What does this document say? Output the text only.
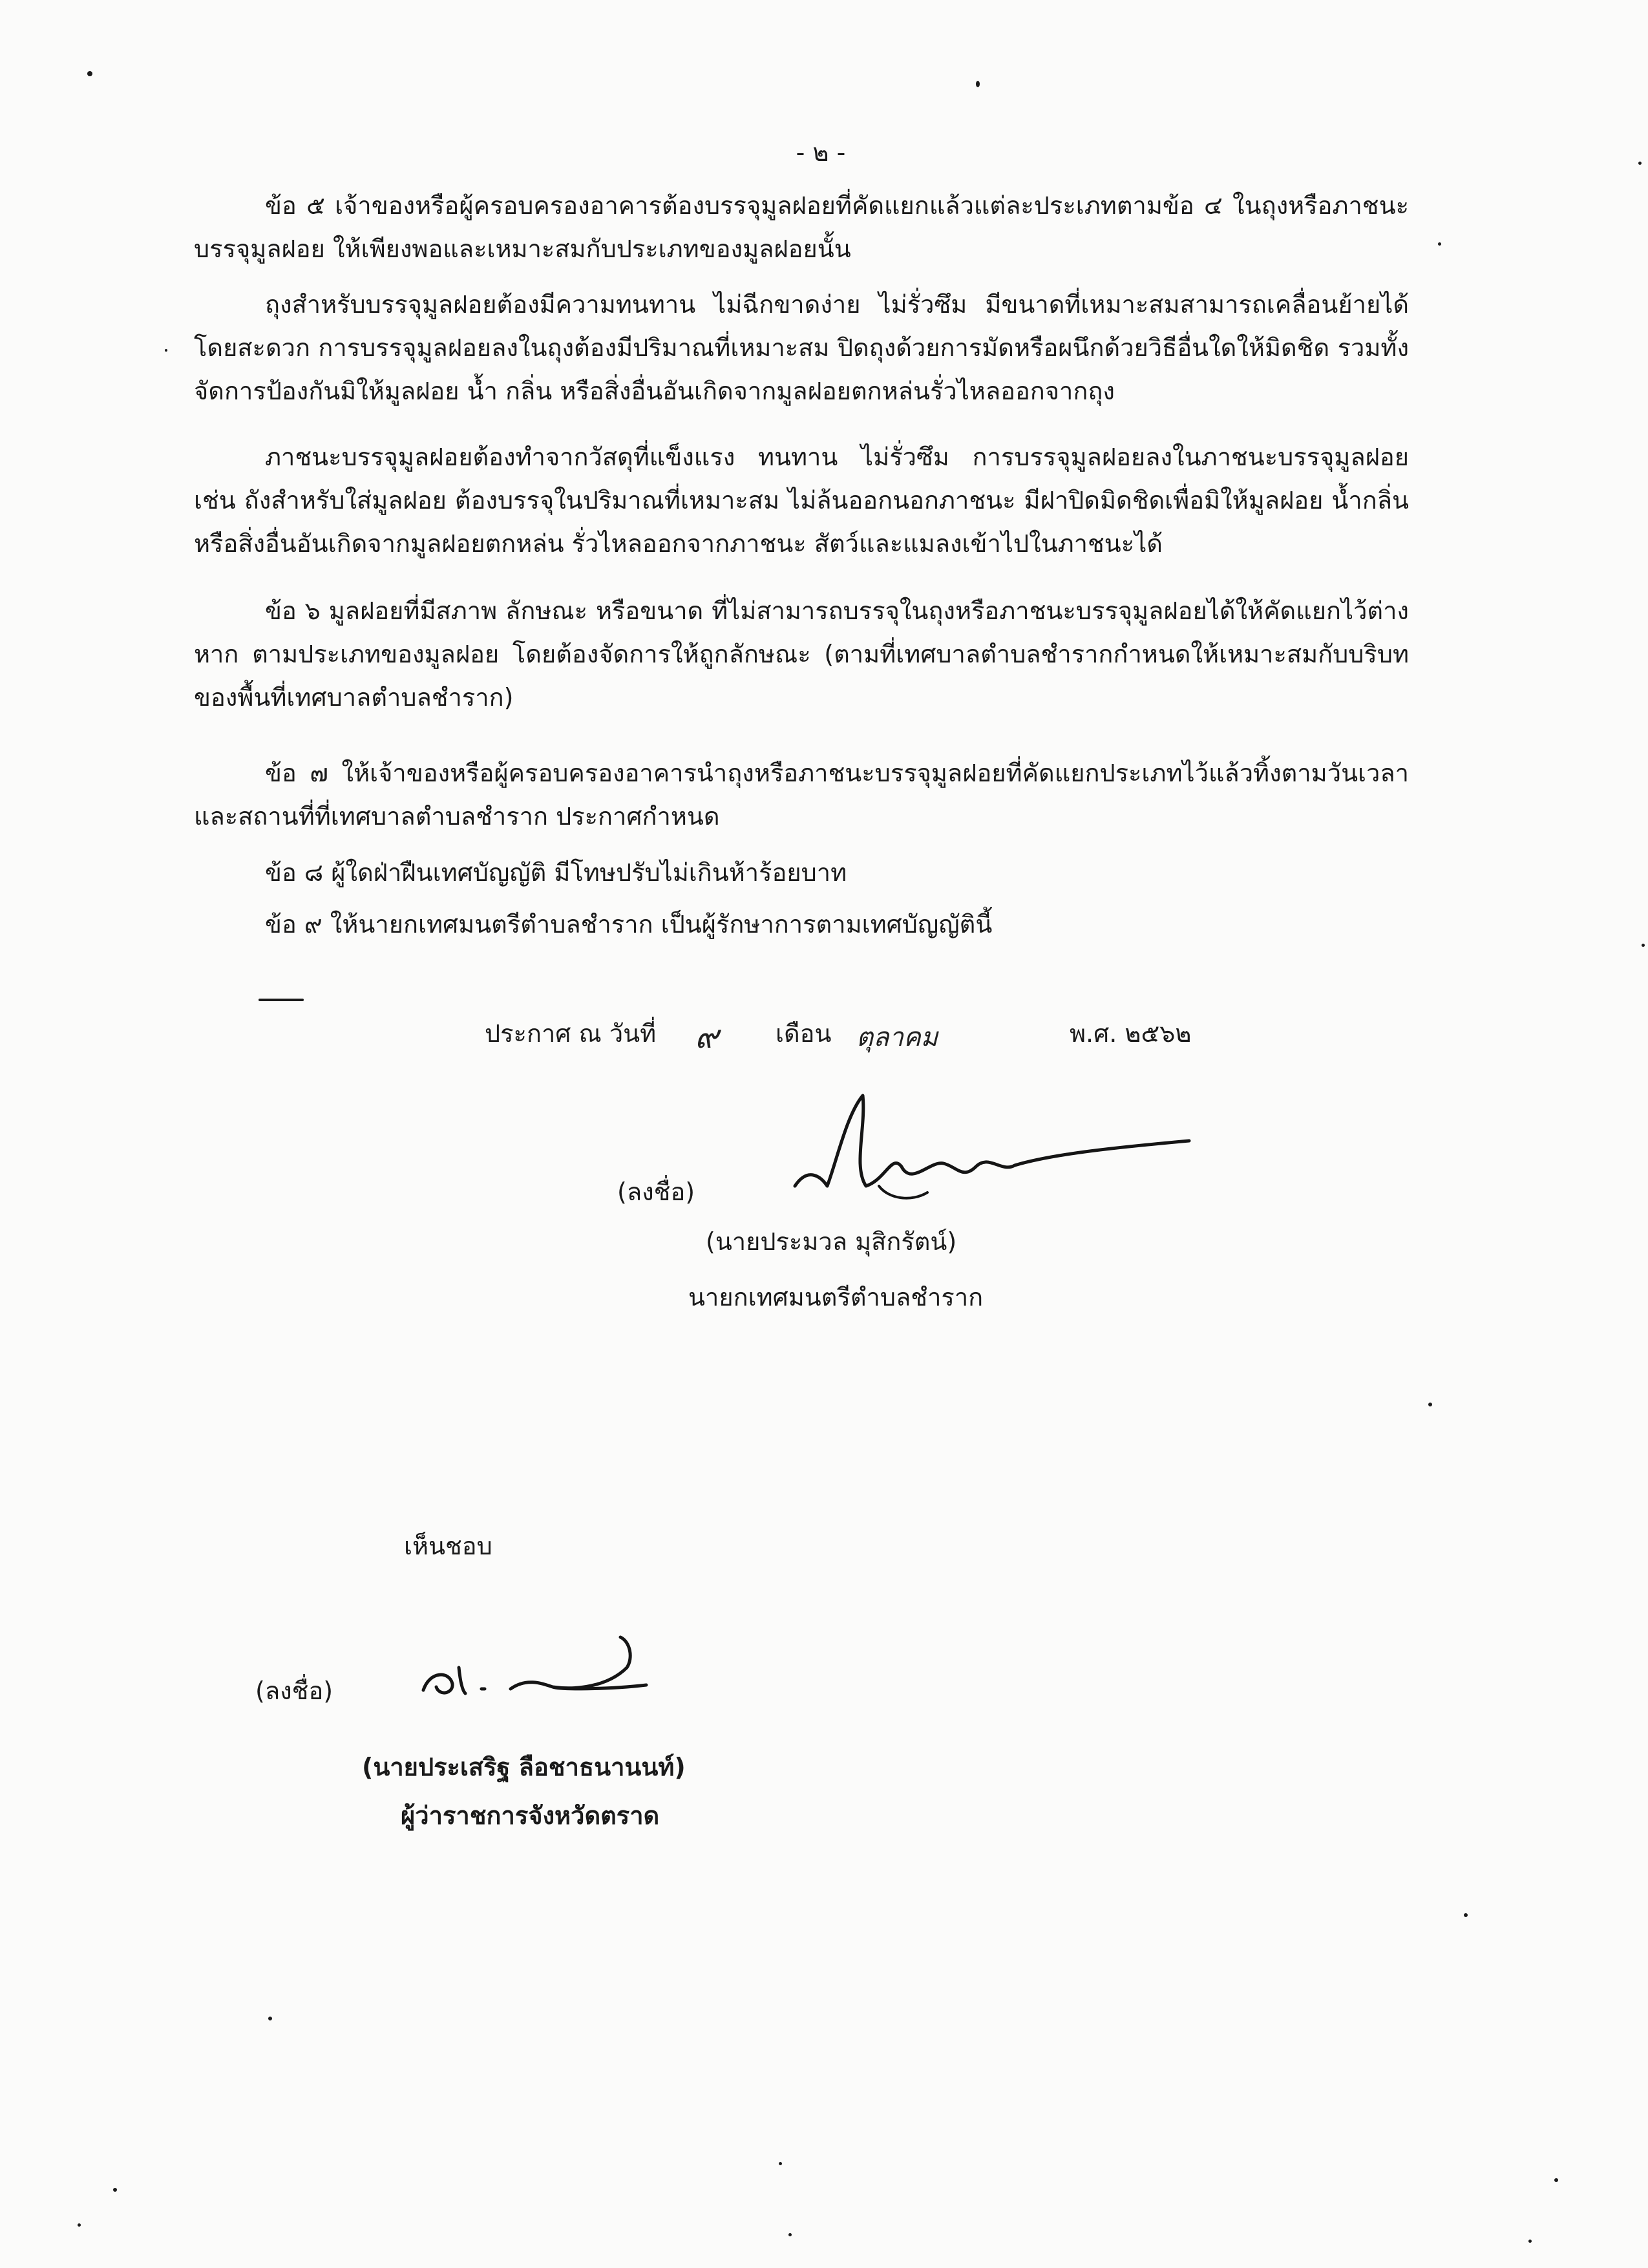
- ๒ -

ข้อ ๕ เจ้าของหรือผู้ครอบครองอาคารต้องบรรจุมูลฝอยที่คัดแยกแล้วแต่ละประเภทตามข้อ ๔ ในถุงหรือภาชนะบรรจุมูลฝอย ให้เพียงพอและเหมาะสมกับประเภทของมูลฝอยนั้น

ถุงสำหรับบรรจุมูลฝอยต้องมีความทนทาน ไม่ฉีกขาดง่าย ไม่รั่วซึม มีขนาดที่เหมาะสมสามารถเคลื่อนย้ายได้โดยสะดวก การบรรจุมูลฝอยลงในถุงต้องมีปริมาณที่เหมาะสม ปิดถุงด้วยการมัดหรือผนึกด้วยวิธีอื่นใดให้มิดชิด รวมทั้งจัดการป้องกันมิให้มูลฝอย น้ำ กลิ่น หรือสิ่งอื่นอันเกิดจากมูลฝอยตกหล่นรั่วไหลออกจากถุง

ภาชนะบรรจุมูลฝอยต้องทำจากวัสดุที่แข็งแรง ทนทาน ไม่รั่วซึม การบรรจุมูลฝอยลงในภาชนะบรรจุมูลฝอย เช่น ถังสำหรับใส่มูลฝอย ต้องบรรจุในปริมาณที่เหมาะสม ไม่ล้นออกนอกภาชนะ มีฝาปิดมิดชิดเพื่อมิให้มูลฝอย น้ำกลิ่น หรือสิ่งอื่นอันเกิดจากมูลฝอยตกหล่น รั่วไหลออกจากภาชนะ สัตว์และแมลงเข้าไปในภาชนะได้

ข้อ ๖ มูลฝอยที่มีสภาพ ลักษณะ หรือขนาด ที่ไม่สามารถบรรจุในถุงหรือภาชนะบรรจุมูลฝอยได้ให้คัดแยกไว้ต่างหาก ตามประเภทของมูลฝอย โดยต้องจัดการให้ถูกลักษณะ (ตามที่เทศบาลตำบลชำรากกำหนดให้เหมาะสมกับบริบทของพื้นที่เทศบาลตำบลชำราก)

ข้อ ๗ ให้เจ้าของหรือผู้ครอบครองอาคารนำถุงหรือภาชนะบรรจุมูลฝอยที่คัดแยกประเภทไว้แล้วทิ้งตามวันเวลา และสถานที่ที่เทศบาลตำบลชำราก ประกาศกำหนด

ข้อ ๘ ผู้ใดฝ่าฝืนเทศบัญญัติ มีโทษปรับไม่เกินห้าร้อยบาท

ข้อ ๙ ให้นายกเทศมนตรีตำบลชำราก เป็นผู้รักษาการตามเทศบัญญัตินี้

ประกาศ ณ วันที่ ๙ เดือน ตุลาคม	พ.ศ. ๒๕๖๒
(ลงชื่อ)
(นายประมวล มุสิกรัตน์)
นายกเทศมนตรีตำบลชำราก
เห็นชอบ
(ลงชื่อ)
(นายประเสริฐ ลือชาธนานนท์)
ผู้ว่าราชการจังหวัดตราด
